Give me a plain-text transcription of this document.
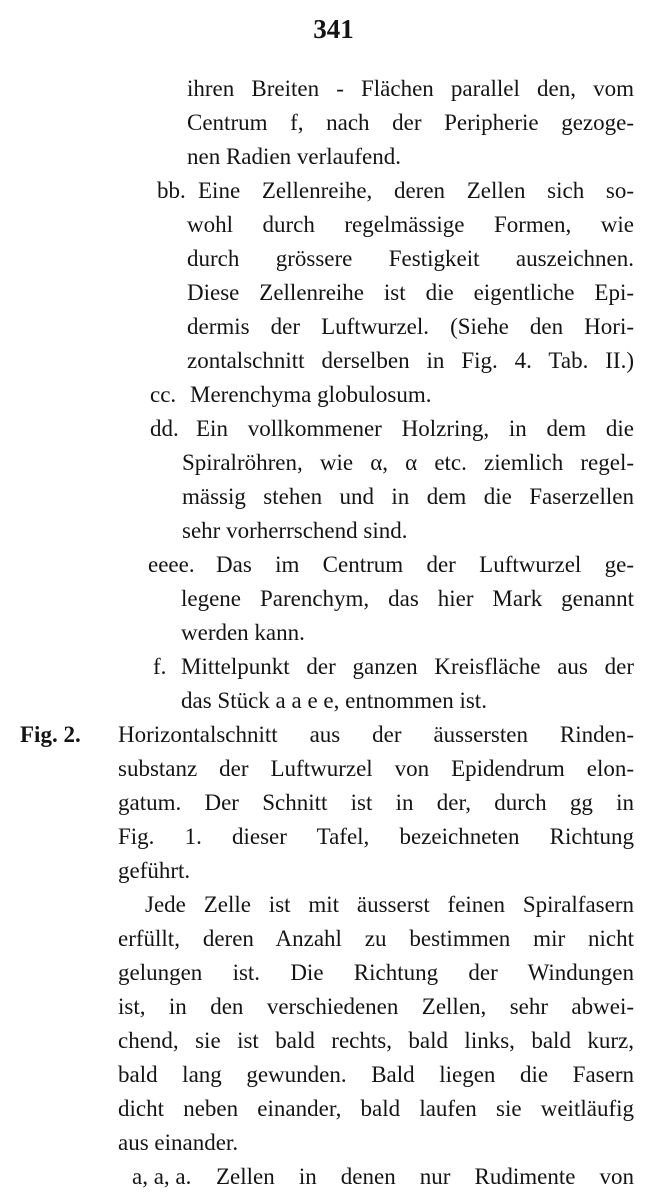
341
ihren Breiten - Flächen parallel den, vom
Centrum f, nach der Peripherie gezoge-
nen Radien verlaufend.
bb. Eine Zellenreihe, deren Zellen sich so-
wohl durch regelmässige Formen, wie
durch grössere Festigkeit auszeichnen.
Diese Zellenreihe ist die eigentliche Epi-
dermis der Luftwurzel. (Siehe den Hori-
zontalschnitt derselben in Fig. 4. Tab. II.)
cc. Merenchyma globulosum.
dd. Ein vollkommener Holzring, in dem die
Spiralröhren, wie α, α etc. ziemlich regel-
mässig stehen und in dem die Faserzellen
sehr vorherrschend sind.
eeee. Das im Centrum der Luftwurzel ge-
legene Parenchym, das hier Mark genannt
werden kann.
f. Mittelpunkt der ganzen Kreisfläche aus der
das Stück a a e e, entnommen ist.
Fig. 2. Horizontalschnitt aus der äussersten Rinden-
substanz der Luftwurzel von Epidendrum elon-
gatum. Der Schnitt ist in der, durch gg in
Fig. 1. dieser Tafel, bezeichneten Richtung
geführt.
Jede Zelle ist mit äusserst feinen Spiralfasern
erfüllt, deren Anzahl zu bestimmen mir nicht
gelungen ist. Die Richtung der Windungen
ist, in den verschiedenen Zellen, sehr abwei-
chend, sie ist bald rechts, bald links, bald kurz,
bald lang gewunden. Bald liegen die Fasern
dicht neben einander, bald laufen sie weitläufig
aus einander.
a, a, a. Zellen in denen nur Rudimente von
